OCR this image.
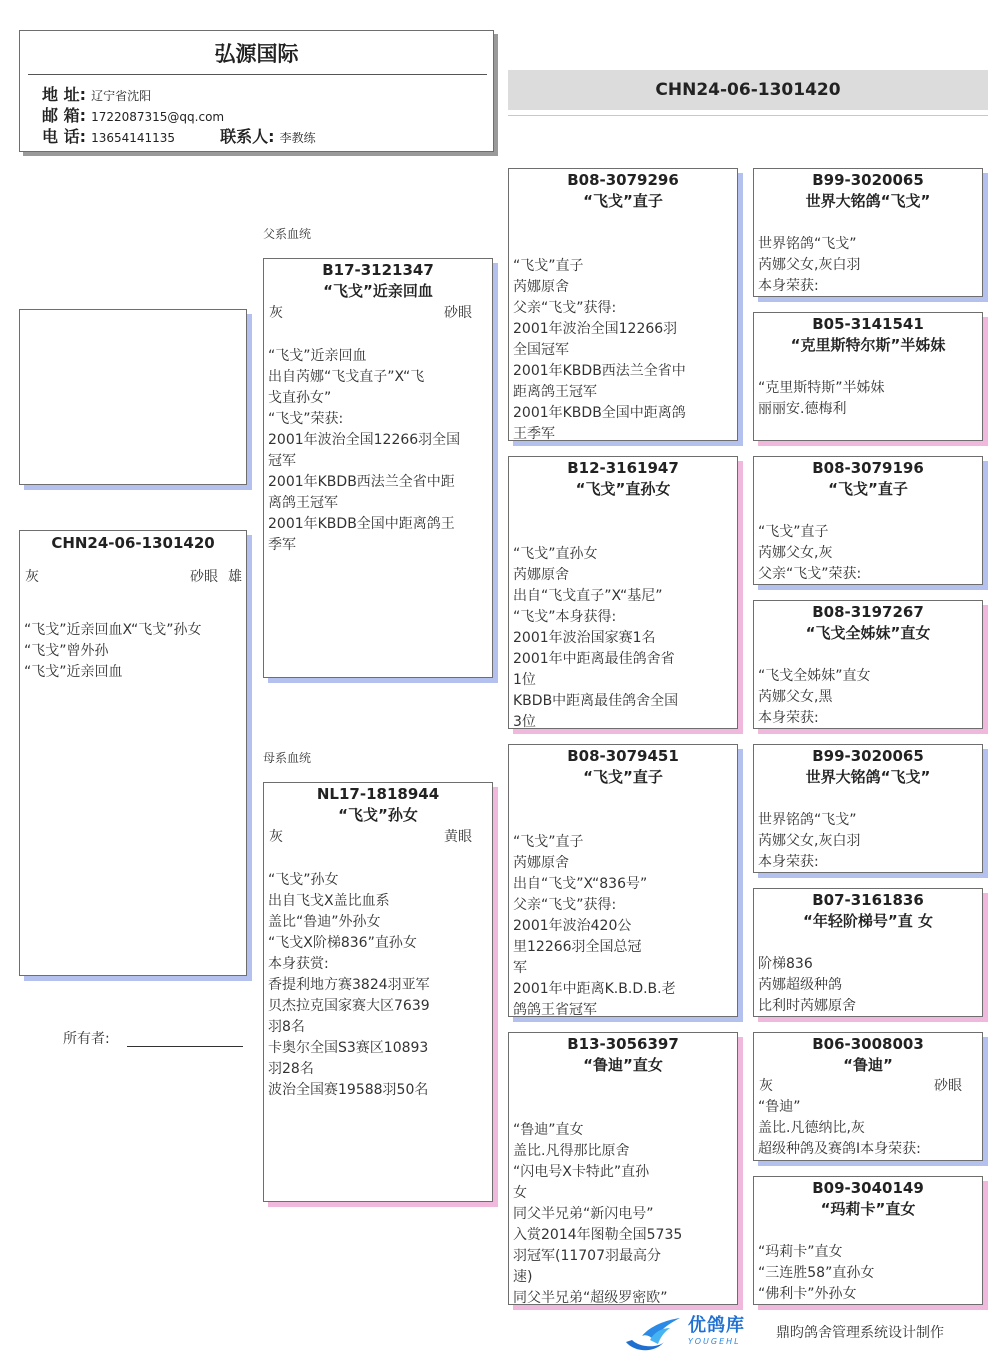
弘源国际
地 址: 辽宁省沈阳
邮 箱: 1722087315@qq.com
电 话: 13654141135	联系人: 李教练
CHN24-06-1301420
CHN24-06-1301420
灰	砂眼 雄
“飞戈”近亲回血X“飞戈”孙女
“飞戈”曾外孙
“飞戈”近亲回血
所有者:
父系血统
母系血统
B17-3121347
“飞戈”近亲回血
灰	砂眼
“飞戈”近亲回血
出自芮娜“飞戈直子”X“飞
戈直孙女”
“飞戈”荣获:
2001年波治全国12266羽全国
冠军
2001年KBDB西法兰全省中距
离鸽王冠军
2001年KBDB全国中距离鸽王
季军
NL17-1818944
“飞戈”孙女
灰	黄眼
“飞戈”孙女
出自飞戈X盖比血系
盖比“鲁迪”外孙女
“飞戈X阶梯836”直孙女
本身获赏:
香提利地方赛3824羽亚军
贝杰拉克国家赛大区7639
羽8名
卡奥尔全国S3赛区10893
羽28名
波治全国赛19588羽50名
B08-3079296
“飞戈”直子
“飞戈”直子
芮娜原舍
父亲“飞戈”获得:
2001年波治全国12266羽
全国冠军
2001年KBDB西法兰全省中
距离鸽王冠军
2001年KBDB全国中距离鸽
王季军
B12-3161947
“飞戈”直孙女
“飞戈”直孙女
芮娜原舍
出自“飞戈直子”X“基尼”
“飞戈”本身获得:
2001年波治国家赛1名
2001年中距离最佳鸽舍省
1位
KBDB中距离最佳鸽舍全国
3位
B08-3079451
“飞戈”直子
“飞戈”直子
芮娜原舍
出自“飞戈”X“836号”
父亲“飞戈”获得:
2001年波治420公
里12266羽全国总冠
军
2001年中距离K.B.D.B.老
鸽鸽王省冠军
B13-3056397
“鲁迪”直女
“鲁迪”直女
盖比.凡得那比原舍
“闪电号X卡特此”直孙
女
同父半兄弟“新闪电号”
入赏2014年图勒全国5735
羽冠军(11707羽最高分
速)
同父半兄弟“超级罗密欧”
B99-3020065
世界大铭鸽“飞戈”
世界铭鸽“飞戈”
芮娜父女,灰白羽
本身荣获:
B05-3141541
“克里斯特尔斯”半姊妹
“克里斯特斯”半姊妹
丽丽安.德梅利
B08-3079196
“飞戈”直子
“飞戈”直子
芮娜父女,灰
父亲“飞戈”荣获:
B08-3197267
“飞戈全姊妹”直女
“飞戈全姊妹”直女
芮娜父女,黑
本身荣获:
B99-3020065
世界大铭鸽“飞戈”
世界铭鸽“飞戈”
芮娜父女,灰白羽
本身荣获:
B07-3161836
“年轻阶梯号”直 女
阶梯836
芮娜超级种鸽
比利时芮娜原舍
B06-3008003
“鲁迪”
灰	砂眼
“鲁迪”
盖比.凡德纳比,灰
超级种鸽及赛鸽I本身荣获:
B09-3040149
“玛莉卡”直女
“玛莉卡”直女
“三连胜58”直孙女
“佛利卡”外孙女
优鸽库
YOUGEHL
鼎昀鸽舍管理系统设计制作
